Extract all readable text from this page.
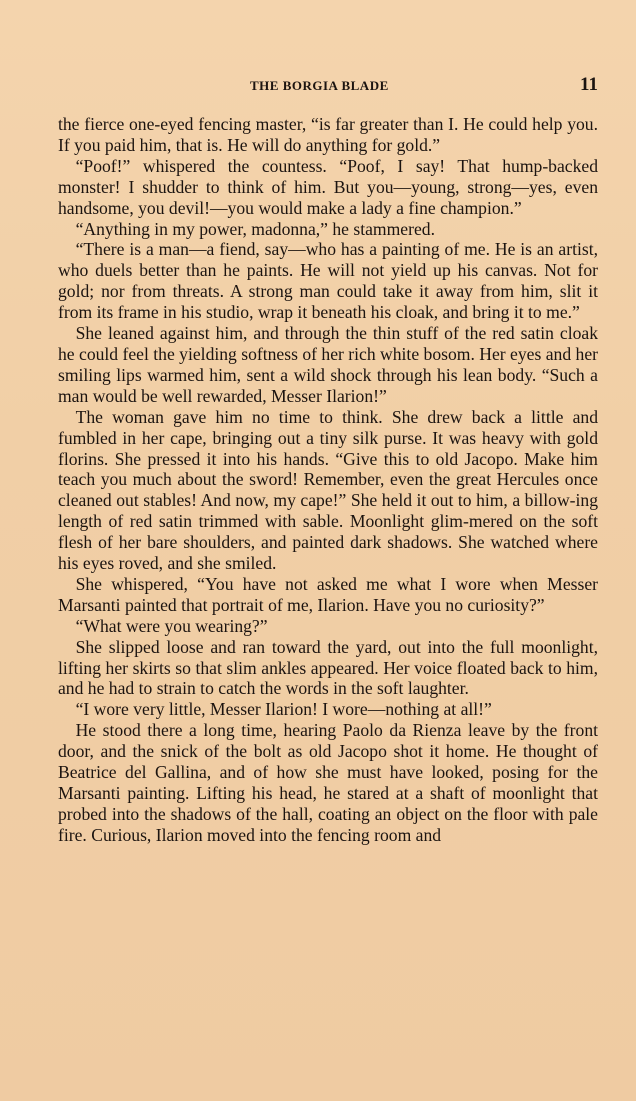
THE BORGIA BLADE	11

the fierce one-eyed fencing master, “is far greater than I. He could help you. If you paid him, that is. He will do anything for gold.”

“Poof!” whispered the countess. “Poof, I say! That hump-backed monster! I shudder to think of him. But you—young, strong—yes, even handsome, you devil!—you would make a lady a fine champion.”

“Anything in my power, madonna,” he stammered.

“There is a man—a fiend, say—who has a painting of me. He is an artist, who duels better than he paints. He will not yield up his canvas. Not for gold; nor from threats. A strong man could take it away from him, slit it from its frame in his studio, wrap it beneath his cloak, and bring it to me.”

She leaned against him, and through the thin stuff of the red satin cloak he could feel the yielding softness of her rich white bosom. Her eyes and her smiling lips warmed him, sent a wild shock through his lean body. “Such a man would be well rewarded, Messer Ilarion!”

The woman gave him no time to think. She drew back a little and fumbled in her cape, bringing out a tiny silk purse. It was heavy with gold florins. She pressed it into his hands. “Give this to old Jacopo. Make him teach you much about the sword! Remember, even the great Hercules once cleaned out stables! And now, my cape!” She held it out to him, a billow-ing length of red satin trimmed with sable. Moonlight glim-mered on the soft flesh of her bare shoulders, and painted dark shadows. She watched where his eyes roved, and she smiled.

She whispered, “You have not asked me what I wore when Messer Marsanti painted that portrait of me, Ilarion. Have you no curiosity?”

“What were you wearing?”

She slipped loose and ran toward the yard, out into the full moonlight, lifting her skirts so that slim ankles appeared. Her voice floated back to him, and he had to strain to catch the words in the soft laughter.

“I wore very little, Messer Ilarion! I wore—nothing at all!”

He stood there a long time, hearing Paolo da Rienza leave by the front door, and the snick of the bolt as old Jacopo shot it home. He thought of Beatrice del Gallina, and of how she must have looked, posing for the Marsanti painting. Lifting his head, he stared at a shaft of moonlight that probed into the shadows of the hall, coating an object on the floor with pale fire. Curious, Ilarion moved into the fencing room and
